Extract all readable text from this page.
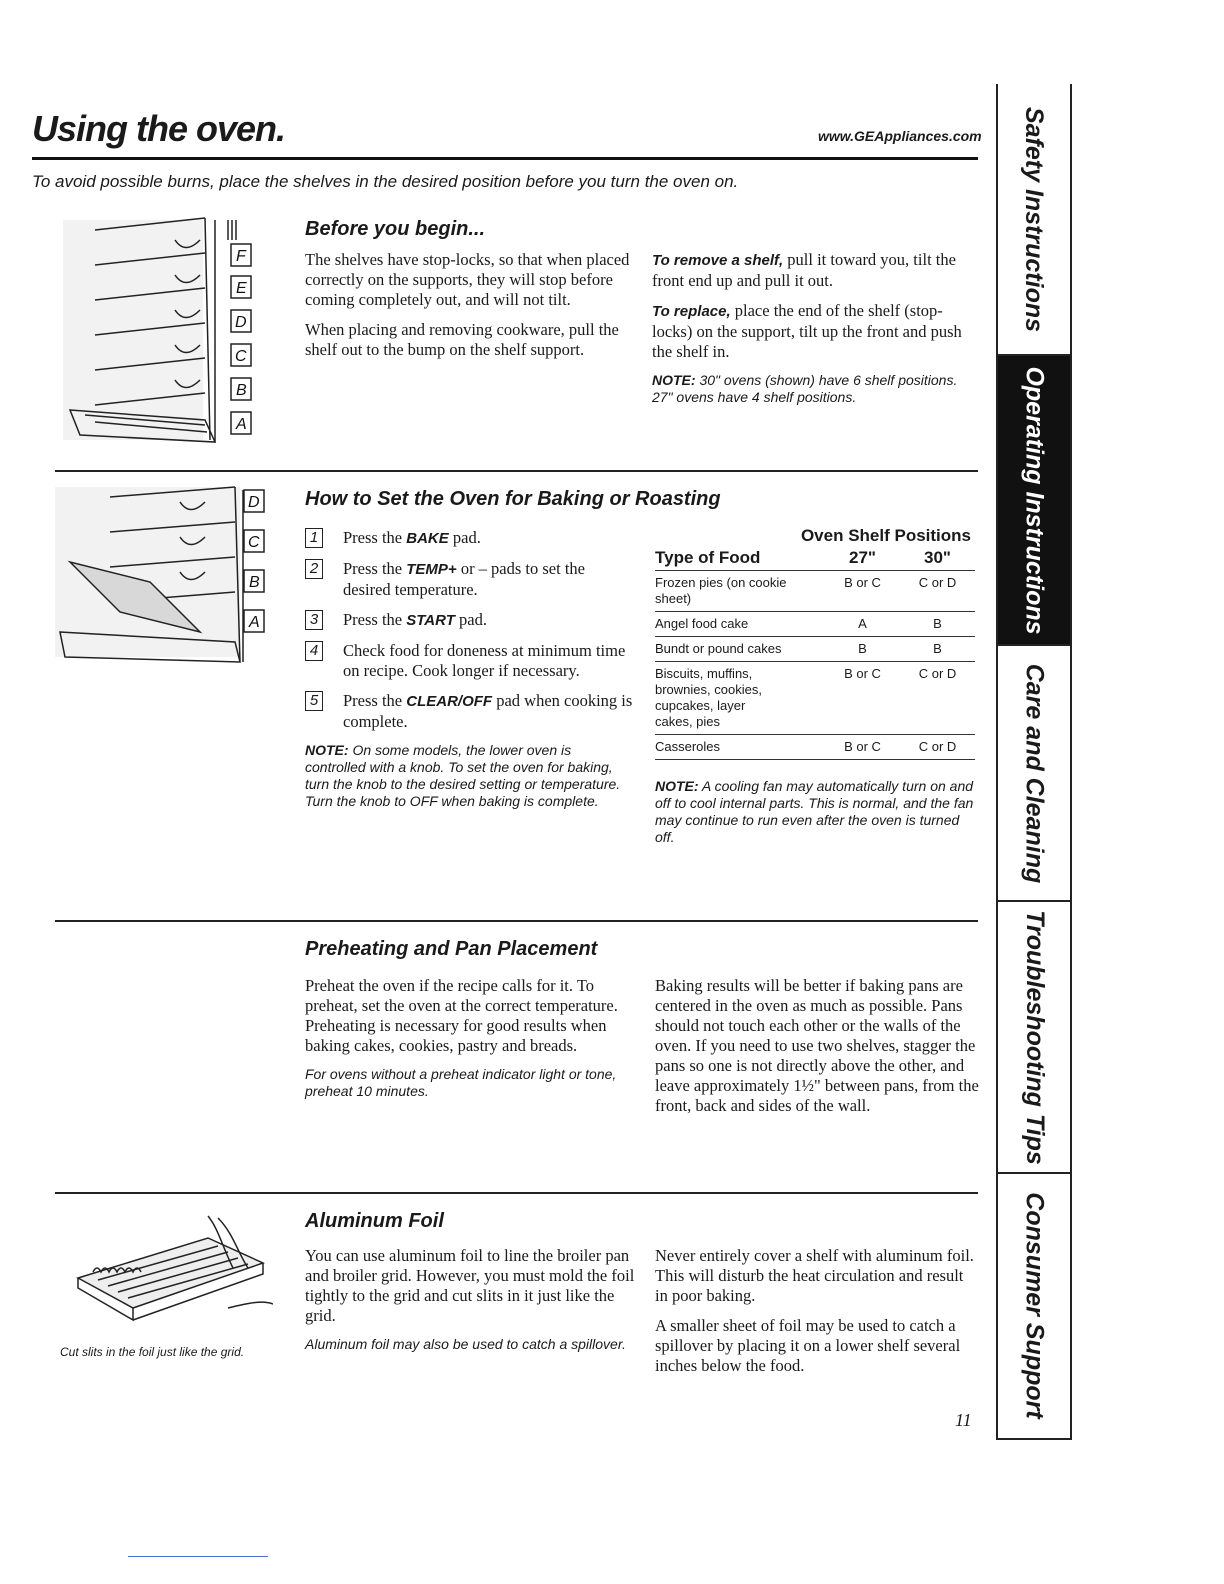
Using the oven.	www.GEAppliances.com
To avoid possible burns, place the shelves in the desired position before you turn the oven on.
F
E
D
C
B
A
Before you begin...

The shelves have stop-locks, so that when placed correctly on the supports, they will stop before coming completely out, and will not tilt.

When placing and removing cookware, pull the shelf out to the bump on the shelf support.

To remove a shelf, pull it toward you, tilt the front end up and pull it out.

To replace, place the end of the shelf (stop-locks) on the support, tilt up the front and push the shelf in.

NOTE: 30" ovens (shown) have 6 shelf positions. 27" ovens have 4 shelf positions.
D
C
B
A
How to Set the Oven for Baking or Roasting
1 Press the BAKE pad.
2 Press the TEMP+ or – pads to set the desired temperature.
3 Press the START pad.
4 Check food for doneness at minimum time on recipe. Cook longer if necessary.
5 Press the CLEAR/OFF pad when cooking is complete.
NOTE: On some models, the lower oven is controlled with a knob. To set the oven for baking, turn the knob to the desired setting or temperature. Turn the knob to OFF when baking is complete.
Oven Shelf Positions
Type of Food	27"	30"
Frozen pies (on cookie sheet)	B or C	C or D
Angel food cake	A	B
Bundt or pound cakes	B	B
Biscuits, muffins, brownies, cookies, cupcakes, layer cakes, pies	B or C	C or D
Casseroles	B or C	C or D
NOTE: A cooling fan may automatically turn on and off to cool internal parts. This is normal, and the fan may continue to run even after the oven is turned off.
Preheating and Pan Placement

Preheat the oven if the recipe calls for it. To preheat, set the oven at the correct temperature. Preheating is necessary for good results when baking cakes, cookies, pastry and breads.

For ovens without a preheat indicator light or tone, preheat 10 minutes.

Baking results will be better if baking pans are centered in the oven as much as possible. Pans should not touch each other or the walls of the oven. If you need to use two shelves, stagger the pans so one is not directly above the other, and leave approximately 1½" between pans, from the front, back and sides of the wall.

Cut slits in the foil just like the grid.
Aluminum Foil

You can use aluminum foil to line the broiler pan and broiler grid. However, you must mold the foil tightly to the grid and cut slits in it just like the grid.

Aluminum foil may also be used to catch a spillover.

Never entirely cover a shelf with aluminum foil. This will disturb the heat circulation and result in poor baking.

A smaller sheet of foil may be used to catch a spillover by placing it on a lower shelf several inches below the food.

11
Safety Instructions
Operating Instructions
Care and Cleaning
Troubleshooting Tips
Consumer Support
